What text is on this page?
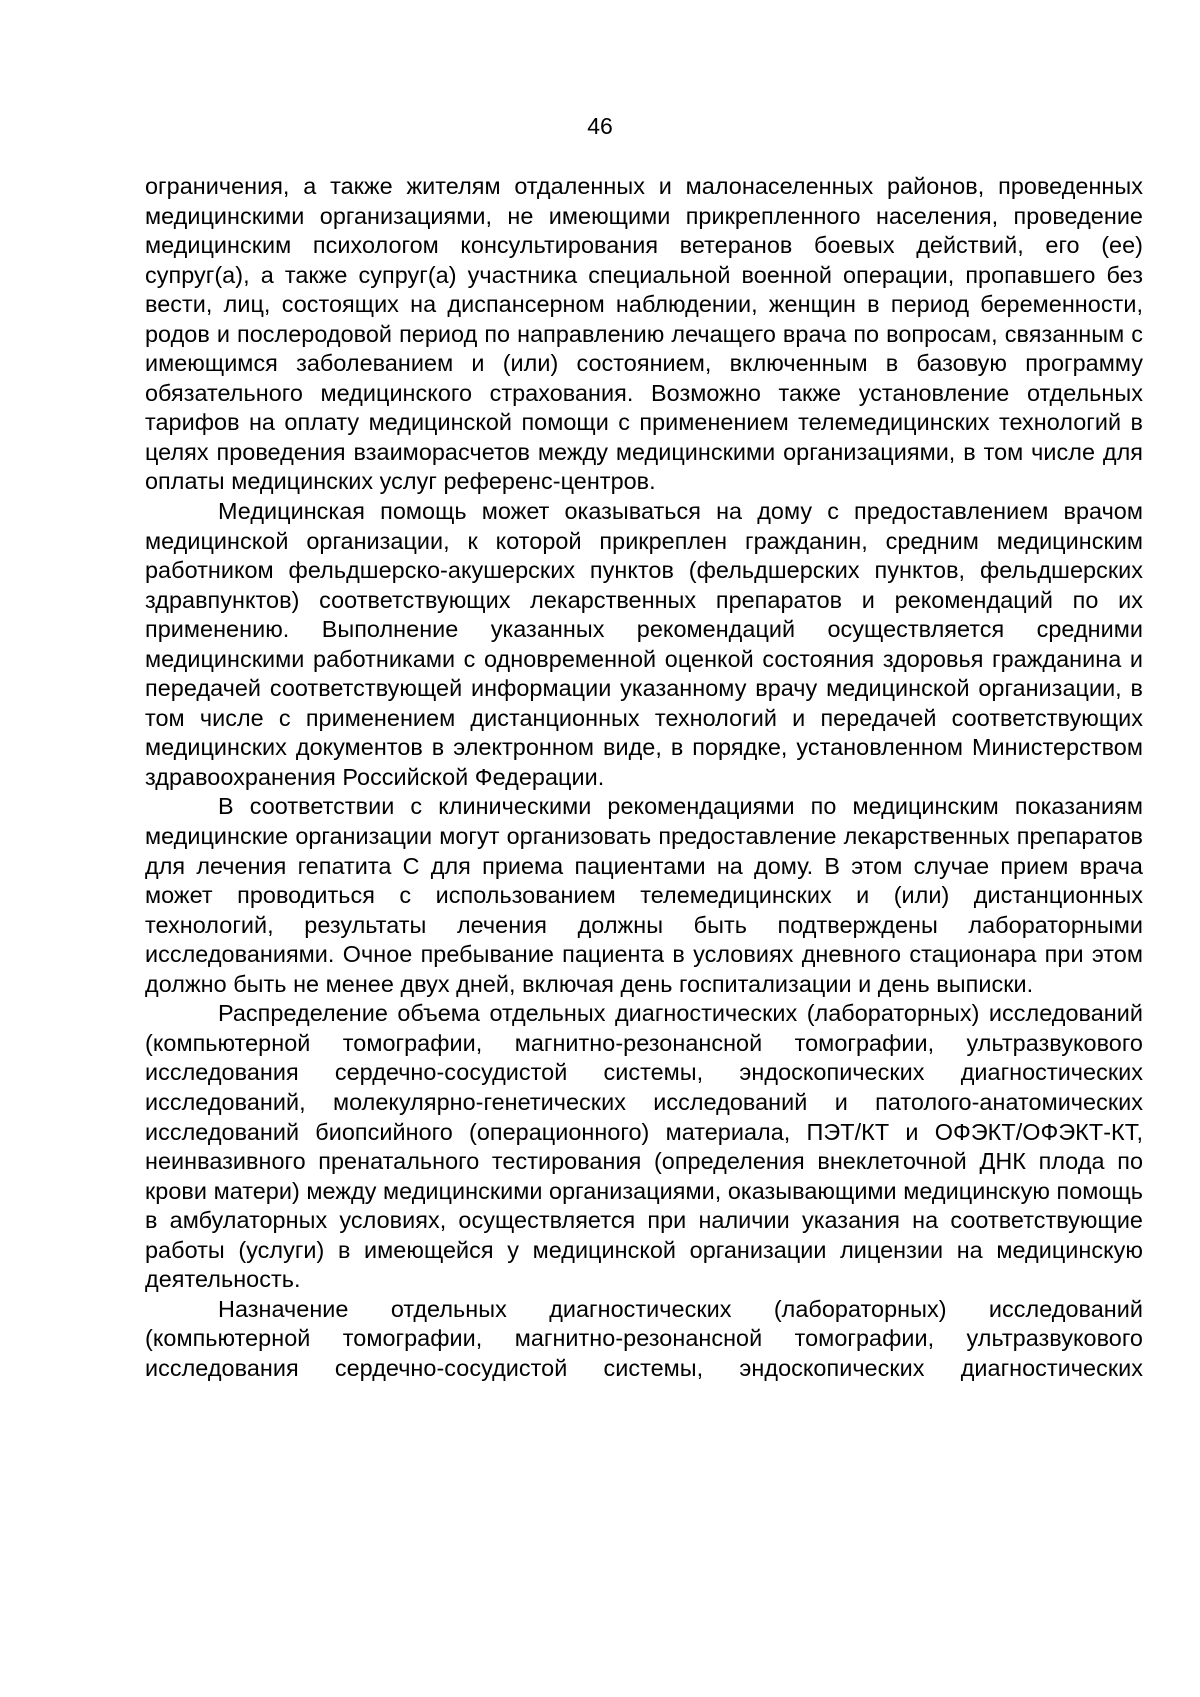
46

ограничения, а также жителям отдаленных и малонаселенных районов, проведенных медицинскими организациями, не имеющими прикрепленного населения, проведение медицинским психологом консультирования ветеранов боевых действий, его (ее) супруг(а), а также супруг(а) участника специальной военной операции, пропавшего без вести, лиц, состоящих на диспансерном наблюдении, женщин в период беременности, родов и послеродовой период по направлению лечащего врача по вопросам, связанным с имеющимся заболеванием и (или) состоянием, включенным в базовую программу обязательного медицинского страхования. Возможно также установление отдельных тарифов на оплату медицинской помощи с применением телемедицинских технологий в целях проведения взаиморасчетов между медицинскими организациями, в том числе для оплаты медицинских услуг референс-центров.

Медицинская помощь может оказываться на дому с предоставлением врачом медицинской организации, к которой прикреплен гражданин, средним медицинским работником фельдшерско-акушерских пунктов (фельдшерских пунктов, фельдшерских здравпунктов) соответствующих лекарственных препаратов и рекомендаций по их применению. Выполнение указанных рекомендаций осуществляется средними медицинскими работниками с одновременной оценкой состояния здоровья гражданина и передачей соответствующей информации указанному врачу медицинской организации, в том числе с применением дистанционных технологий и передачей соответствующих медицинских документов в электронном виде, в порядке, установленном Министерством здравоохранения Российской Федерации.

В соответствии с клиническими рекомендациями по медицинским показаниям медицинские организации могут организовать предоставление лекарственных препаратов для лечения гепатита С для приема пациентами на дому. В этом случае прием врача может проводиться с использованием телемедицинских и (или) дистанционных технологий, результаты лечения должны быть подтверждены лабораторными исследованиями. Очное пребывание пациента в условиях дневного стационара при этом должно быть не менее двух дней, включая день госпитализации и день выписки.

Распределение объема отдельных диагностических (лабораторных) исследований (компьютерной томографии, магнитно-резонансной томографии, ультразвукового исследования сердечно-сосудистой системы, эндоскопических диагностических исследований, молекулярно-генетических исследований и патолого-анатомических исследований биопсийного (операционного) материала, ПЭТ/КТ и ОФЭКТ/ОФЭКТ-КТ, неинвазивного пренатального тестирования (определения внеклеточной ДНК плода по крови матери) между медицинскими организациями, оказывающими медицинскую помощь в амбулаторных условиях, осуществляется при наличии указания на соответствующие работы (услуги) в имеющейся у медицинской организации лицензии на медицинскую деятельность.

Назначение отдельных диагностических (лабораторных) исследований (компьютерной томографии, магнитно-резонансной томографии, ультразвукового исследования сердечно-сосудистой системы, эндоскопических диагностических
